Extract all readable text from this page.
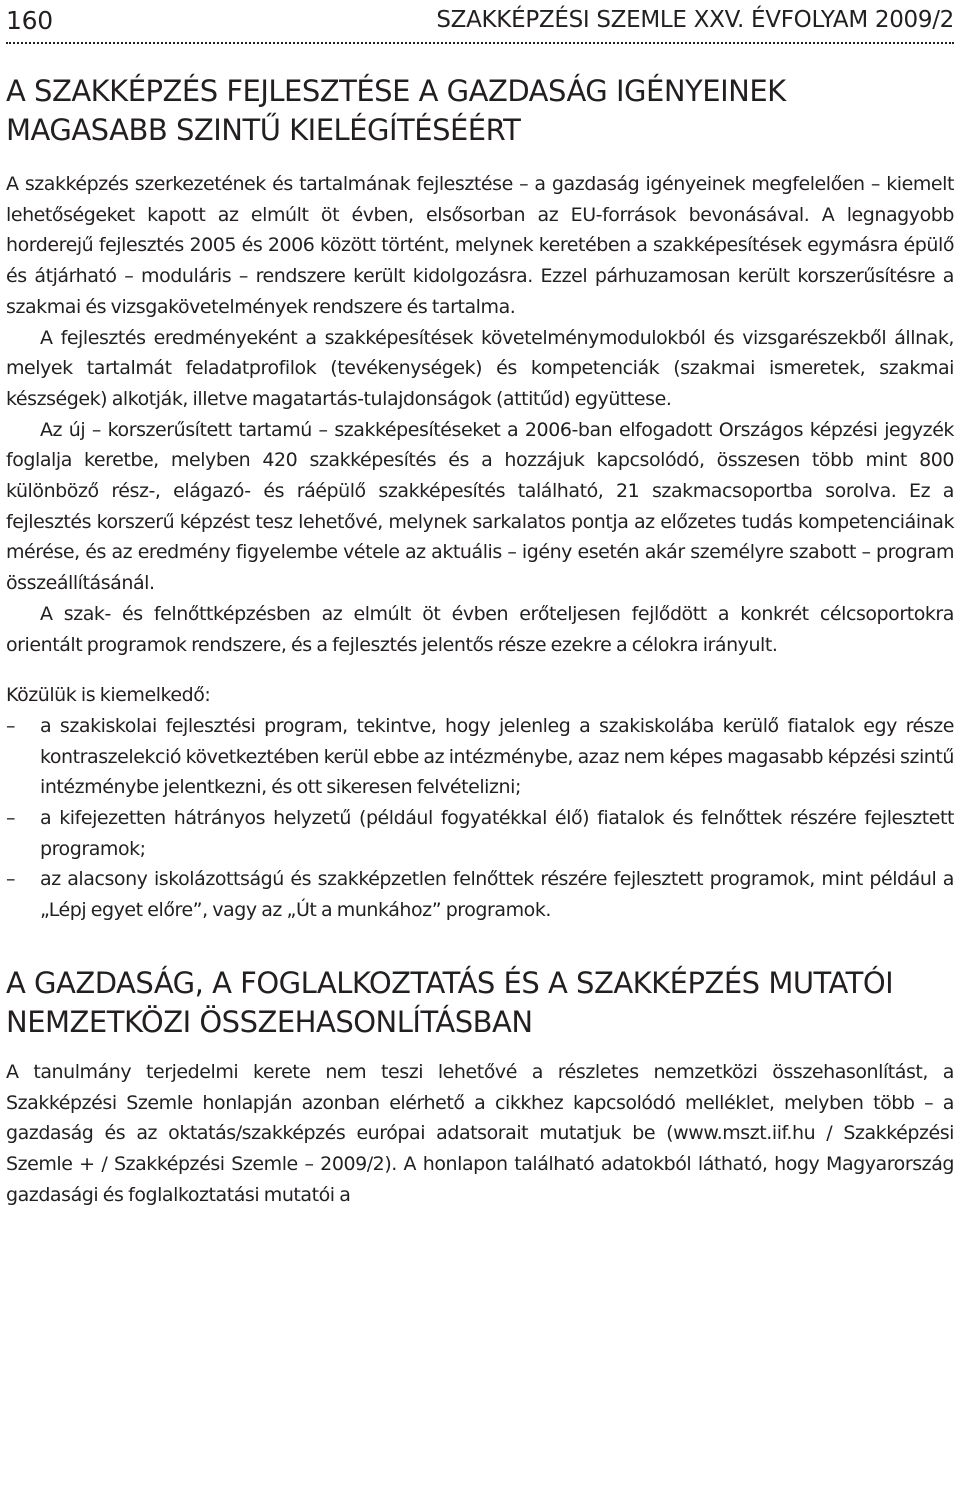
160	SZAKKÉPZÉSI SZEMLE XXV. ÉVFOLYAM 2009/2
A SZAKKÉPZÉS FEJLESZTÉSE A GAZDASÁG IGÉNYEINEK MAGASABB SZINTŰ KIELÉGÍTÉSÉÉRT

A szakképzés szerkezetének és tartalmának fejlesztése – a gazdaság igényeinek megfelelően – kiemelt lehetőségeket kapott az elmúlt öt évben, elsősorban az EU-források bevonásával. A legnagyobb horderejű fejlesztés 2005 és 2006 között történt, melynek keretében a szakképesítések egymásra épülő és átjárható – moduláris – rendszere került kidolgozásra. Ezzel párhuzamosan került korszerűsítésre a szakmai és vizsgakövetelmények rendszere és tartalma.

A fejlesztés eredményeként a szakképesítések követelménymodulokból és vizsgarészekből állnak, melyek tartalmát feladatprofilok (tevékenységek) és kompetenciák (szakmai ismeretek, szakmai készségek) alkotják, illetve magatartás-tulajdonságok (attitűd) együttese.

Az új – korszerűsített tartamú – szakképesítéseket a 2006-ban elfogadott Országos képzési jegyzék foglalja keretbe, melyben 420 szakképesítés és a hozzájuk kapcsolódó, összesen több mint 800 különböző rész-, elágazó- és ráépülő szakképesítés található, 21 szakmacsoportba sorolva. Ez a fejlesztés korszerű képzést tesz lehetővé, melynek sarkalatos pontja az előzetes tudás kompetenciáinak mérése, és az eredmény figyelembe vétele az aktuális – igény esetén akár személyre szabott – program összeállításánál.

A szak- és felnőttképzésben az elmúlt öt évben erőteljesen fejlődött a konkrét célcsoportokra orientált programok rendszere, és a fejlesztés jelentős része ezekre a célokra irányult.

Közülük is kiemelkedő:

– a szakiskolai fejlesztési program, tekintve, hogy jelenleg a szakiskolába kerülő fiatalok egy része kontraszelekció következtében kerül ebbe az intézménybe, azaz nem képes magasabb képzési szintű intézménybe jelentkezni, és ott sikeresen felvételizni;
– a kifejezetten hátrányos helyzetű (például fogyatékkal élő) fiatalok és felnőttek részére fejlesztett programok;
– az alacsony iskolázottságú és szakképzetlen felnőttek részére fejlesztett programok, mint például a „Lépj egyet előre”, vagy az „Út a munkához” programok.
A GAZDASÁG, A FOGLALKOZTATÁS ÉS A SZAKKÉPZÉS MUTATÓI NEMZETKÖZI ÖSSZEHASONLÍTÁSBAN

A tanulmány terjedelmi kerete nem teszi lehetővé a részletes nemzetközi összehasonlítást, a Szakképzési Szemle honlapján azonban elérhető a cikkhez kapcsolódó melléklet, melyben több – a gazdaság és az oktatás/szakképzés európai adatsorait mutatjuk be (www.mszt.iif.hu / Szakképzési Szemle + / Szakképzési Szemle – 2009/2). A honlapon található adatokból látható, hogy Magyarország gazdasági és foglalkoztatási mutatói a
